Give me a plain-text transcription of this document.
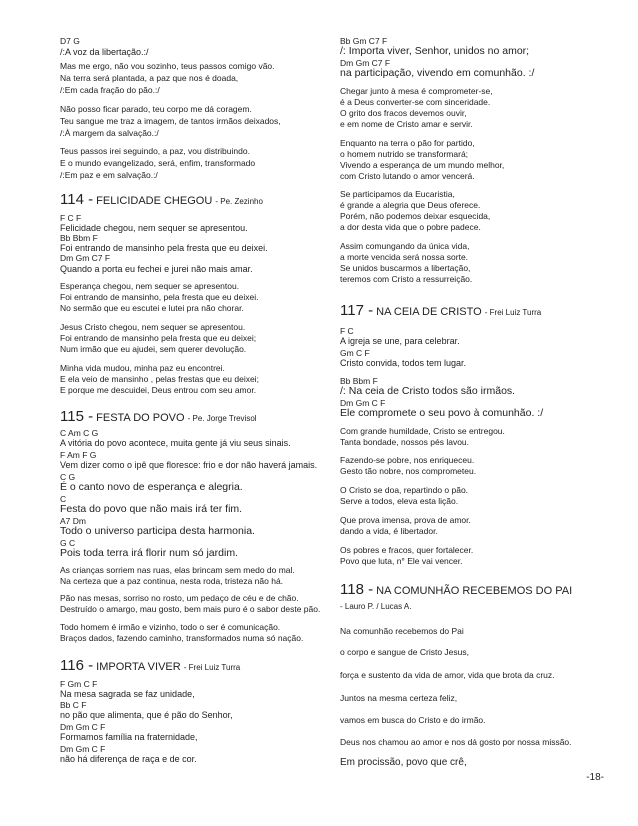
D7 G
/:A voz da libertação.:/
Mas me ergo, não vou sozinho, teus passos comigo vão.
Na terra será plantada, a paz que nos é doada,
/:Em cada fração do pão.:/
Não posso ficar parado, teu corpo me dá coragem.
Teu sangue me traz a imagem, de tantos irmãos deixados,
/:À margem da salvação.:/
Teus passos irei seguindo, a paz, vou distribuindo.
E o mundo evangelizado, será, enfim, transformado
/:Em paz e em salvação.:/
114 - FELICIDADE CHEGOU - Pe. Zezinho
F C F
Felicidade chegou, nem sequer se apresentou.
Bb Bbm F
Foi entrando de mansinho pela fresta que eu deixei.
Dm Gm C7 F
Quando a porta eu fechei e jurei não mais amar.
Esperança chegou, nem sequer se apresentou.
Foi entrando de mansinho, pela fresta que eu deixei.
No sermão que eu escutei e lutei pra não chorar.
Jesus Cristo chegou, nem sequer se apresentou.
Foi entrando de mansinho pela fresta que eu deixei;
Num irmão que eu ajudei, sem querer devolução.
Minha vida mudou, minha paz eu encontrei.
E ela veio de mansinho , pelas frestas que eu deixei;
E porque me descuidei, Deus entrou com seu amor.
115 - FESTA DO POVO - Pe. Jorge Trevisol
C Am C G
A vitória do povo acontece, muita gente já viu seus sinais.
F Am F G
Vem dizer como o ipê que floresce: frio e dor não haverá jamais.
C G
É o canto novo de esperança e alegria.
C
Festa do povo que não mais irá ter fim.
A7 Dm
Todo o universo participa desta harmonia.
G C
Pois toda terra irá florir num só jardim.
As crianças sorriem nas ruas, elas brincam sem medo do mal.
Na certeza que a paz continua, nesta roda, tristeza não há.
Pão nas mesas, sorriso no rosto, um pedaço de céu e de chão.
Destruído o amargo, mau gosto, bem mais puro é o sabor deste pão.
Todo homem é irmão e vizinho, todo o ser é comunicação.
Braços dados, fazendo caminho, transformados numa só nação.
116 - IMPORTA VIVER - Frei Luiz Turra
F Gm C F
Na mesa sagrada se faz unidade,
Bb C F
no pão que alimenta, que é pão do Senhor,
Dm Gm C F
Formamos família na fraternidade,
Dm Gm C F
não há diferença de raça e de cor.
Bb Gm C7 F
/: Importa viver, Senhor, unidos no amor;
Dm Gm C7 F
na participação, vivendo em comunhão. :/
Chegar junto à mesa é comprometer-se,
é a Deus converter-se com sinceridade.
O grito dos fracos devemos ouvir,
e em nome de Cristo amar e servir.
Enquanto na terra o pão for partido,
o homem nutrido se transformará;
Vivendo a esperança de um mundo melhor,
com Cristo lutando o amor vencerá.
Se participamos da Eucaristia,
é grande a alegria que Deus oferece.
Porém, não podemos deixar esquecida,
a dor desta vida que o pobre padece.
Assim comungando da única vida,
a morte vencida será nossa sorte.
Se unidos buscarmos a libertação,
teremos com Cristo a ressurreição.
117 - NA CEIA DE CRISTO - Frei Luiz Turra
F C
A igreja se une, para celebrar.
Gm C F
Cristo convida, todos tem lugar.
Bb Bbm F
/: Na ceia de Cristo todos são irmãos.
Dm Gm C F
Ele compromete o seu povo à comunhão. :/
Com grande humildade, Cristo se entregou.
Tanta bondade, nossos pés lavou.
Fazendo-se pobre, nos enriqueceu.
Gesto tão nobre, nos comprometeu.
O Cristo se doa, repartindo o pão.
Serve a todos, eleva esta lição.
Que prova imensa, prova de amor.
dando a vida, é libertador.
Os pobres e fracos, quer fortalecer.
Povo que luta, n° Ele vai vencer.
118 - NA COMUNHÃO RECEBEMOS DO PAI
- Lauro P. / Lucas A.
Na comunhão recebemos do Pai
o corpo e sangue de Cristo Jesus,
força e sustento da vida de amor, vida que brota da cruz.
Juntos na mesma certeza feliz,
vamos em busca do Cristo e do irmão.
Deus nos chamou ao amor e nos dá gosto por nossa missão.
Em procissão, povo que crê,
-18-
